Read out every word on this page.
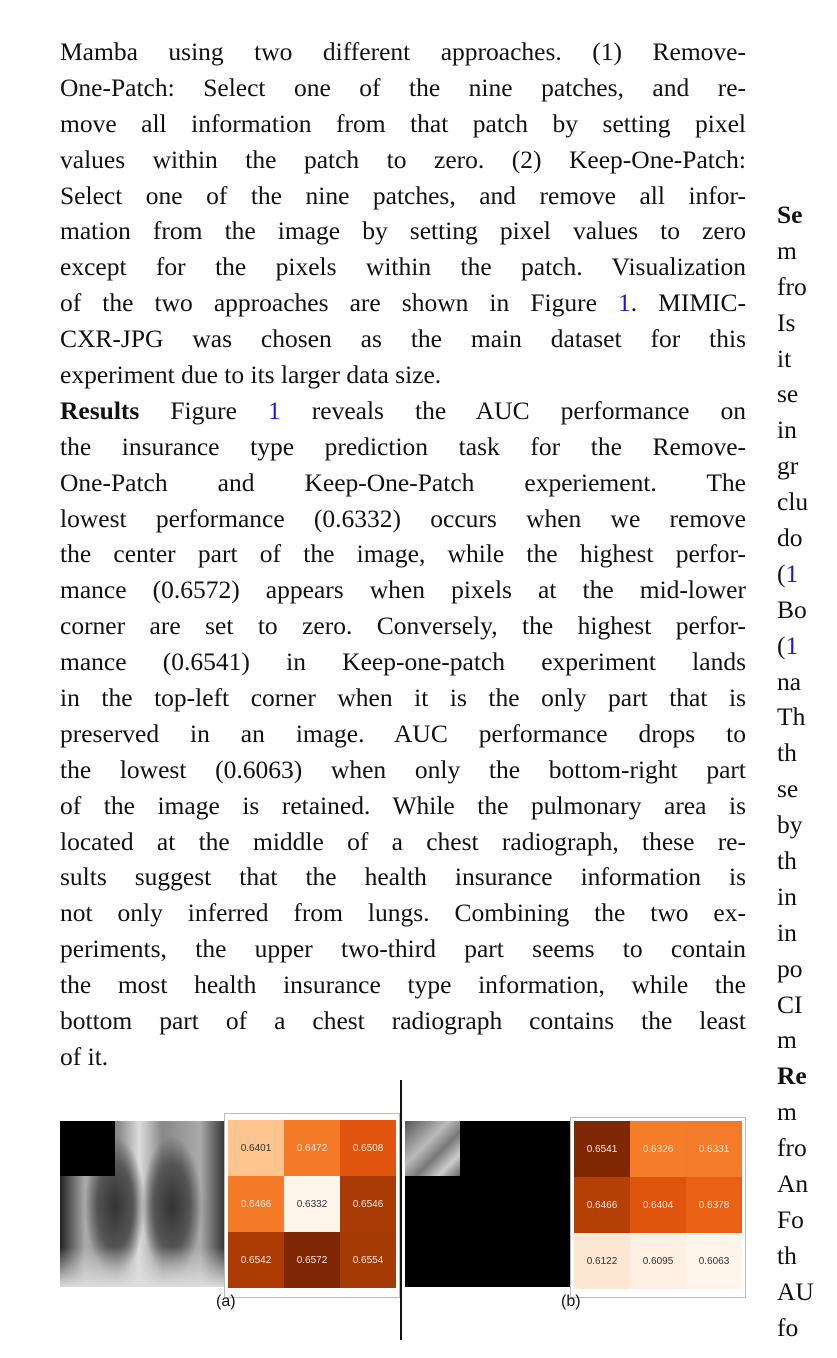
Mamba using two different approaches. (1) Remove-
One-Patch: Select one of the nine patches, and re-
move all information from that patch by setting pixel
values within the patch to zero. (2) Keep-One-Patch:
Select one of the nine patches, and remove all infor-
mation from the image by setting pixel values to zero
except for the pixels within the patch. Visualization
of the two approaches are shown in Figure 1. MIMIC-
CXR-JPG was chosen as the main dataset for this
experiment due to its larger data size.
Results Figure 1 reveals the AUC performance on
the insurance type prediction task for the Remove-
One-Patch and Keep-One-Patch experiement. The
lowest performance (0.6332) occurs when we remove
the center part of the image, while the highest perfor-
mance (0.6572) appears when pixels at the mid-lower
corner are set to zero. Conversely, the highest perfor-
mance (0.6541) in Keep-one-patch experiment lands
in the top-left corner when it is the only part that is
preserved in an image. AUC performance drops to
the lowest (0.6063) when only the bottom-right part
of the image is retained. While the pulmonary area is
located at the middle of a chest radiograph, these re-
sults suggest that the health insurance information is
not only inferred from lungs. Combining the two ex-
periments, the upper two-third part seems to contain
the most health insurance type information, while the
bottom part of a chest radiograph contains the least
of it.
Se
m
fro
Is
it
se
in
gr
clu
do
(1
Bo
(1
na
Th
th
se
by
th
in
in
po
CI
m
Re
m
fro
An
Fo
th
AU
fo
0.6401	0.6472	0.6508
0.6466	0.6332	0.6546
0.6542	0.6572	0.6554
(a)
0.6541	0.6326	0.6331
0.6466	0.6404	0.6378
0.6122	0.6095	0.6063
(b)
